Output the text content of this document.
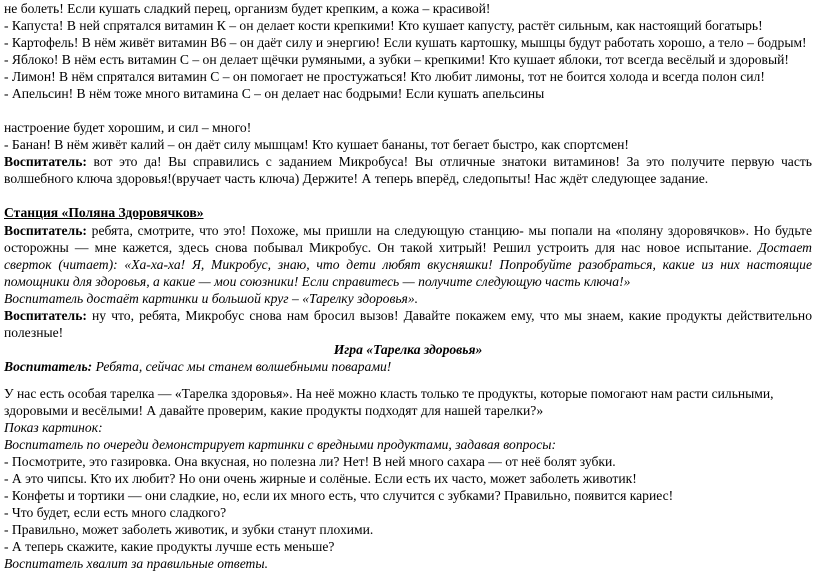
не болеть! Если кушать сладкий перец, организм будет крепким, а кожа – красивой!

- Капуста! В ней спрятался витамин К – он делает кости крепкими! Кто кушает капусту, растёт сильным, как настоящий богатырь!

- Картофель! В нём живёт витамин B6 – он даёт силу и энергию! Если кушать картошку, мышцы будут работать хорошо, а тело – бодрым!

- Яблоко! В нём есть витамин С – он делает щёчки румяными, а зубки – крепкими! Кто кушает яблоки, тот всегда весёлый и здоровый!

- Лимон! В нём спрятался витамин С – он помогает не простужаться! Кто любит лимоны, тот не боится холода и всегда полон сил!

- Апельсин! В нём тоже много витамина С – он делает нас бодрыми! Если кушать апельсины

настроение будет хорошим, и сил – много!

- Банан! В нём живёт калий – он даёт силу мышцам! Кто кушает бананы, тот бегает быстро, как спортсмен!

Воспитатель: вот это да! Вы справились с заданием Микробуса! Вы отличные знатоки витаминов! За это получите первую часть волшебного ключа здоровья!(вручает часть ключа) Держите! А теперь вперёд, следопыты! Нас ждёт следующее задание.

Станция «Поляна Здоровячков»

Воспитатель: ребята, смотрите, что это! Похоже, мы пришли на следующую станцию- мы попали на «поляну здоровячков». Но будьте осторожны — мне кажется, здесь снова побывал Микробус. Он такой хитрый! Решил устроить для нас новое испытание. Достает сверток (читает): «Ха-ха-ха! Я, Микробус, знаю, что дети любят вкусняшки! Попробуйте разобраться, какие из них настоящие помощники для здоровья, а какие — мои союзники! Если справитесь — получите следующую часть ключа!»

Воспитатель достаёт картинки и большой круг – «Тарелку здоровья».

Воспитатель: ну что, ребята, Микробус снова нам бросил вызов! Давайте покажем ему, что мы знаем, какие продукты действительно полезные!

Игра «Тарелка здоровья»

Воспитатель: Ребята, сейчас мы станем волшебными поварами!

У нас есть особая тарелка — «Тарелка здоровья». На неё можно класть только те продукты, которые помогают нам расти сильными, здоровыми и весёлыми! А давайте проверим, какие продукты подходят для нашей тарелки?»

Показ картинок:

Воспитатель по очереди демонстрирует картинки с вредными продуктами, задавая вопросы:

- Посмотрите, это газировка. Она вкусная, но полезна ли? Нет! В ней много сахара — от неё болят зубки.

- А это чипсы. Кто их любит? Но они очень жирные и солёные. Если есть их часто, может заболеть животик!

- Конфеты и тортики — они сладкие, но, если их много есть, что случится с зубками? Правильно, появится кариес!

- Что будет, если есть много сладкого?

- Правильно, может заболеть животик, и зубки станут плохими.

- А теперь скажите, какие продукты лучше есть меньше?

Воспитатель хвалит за правильные ответы.
